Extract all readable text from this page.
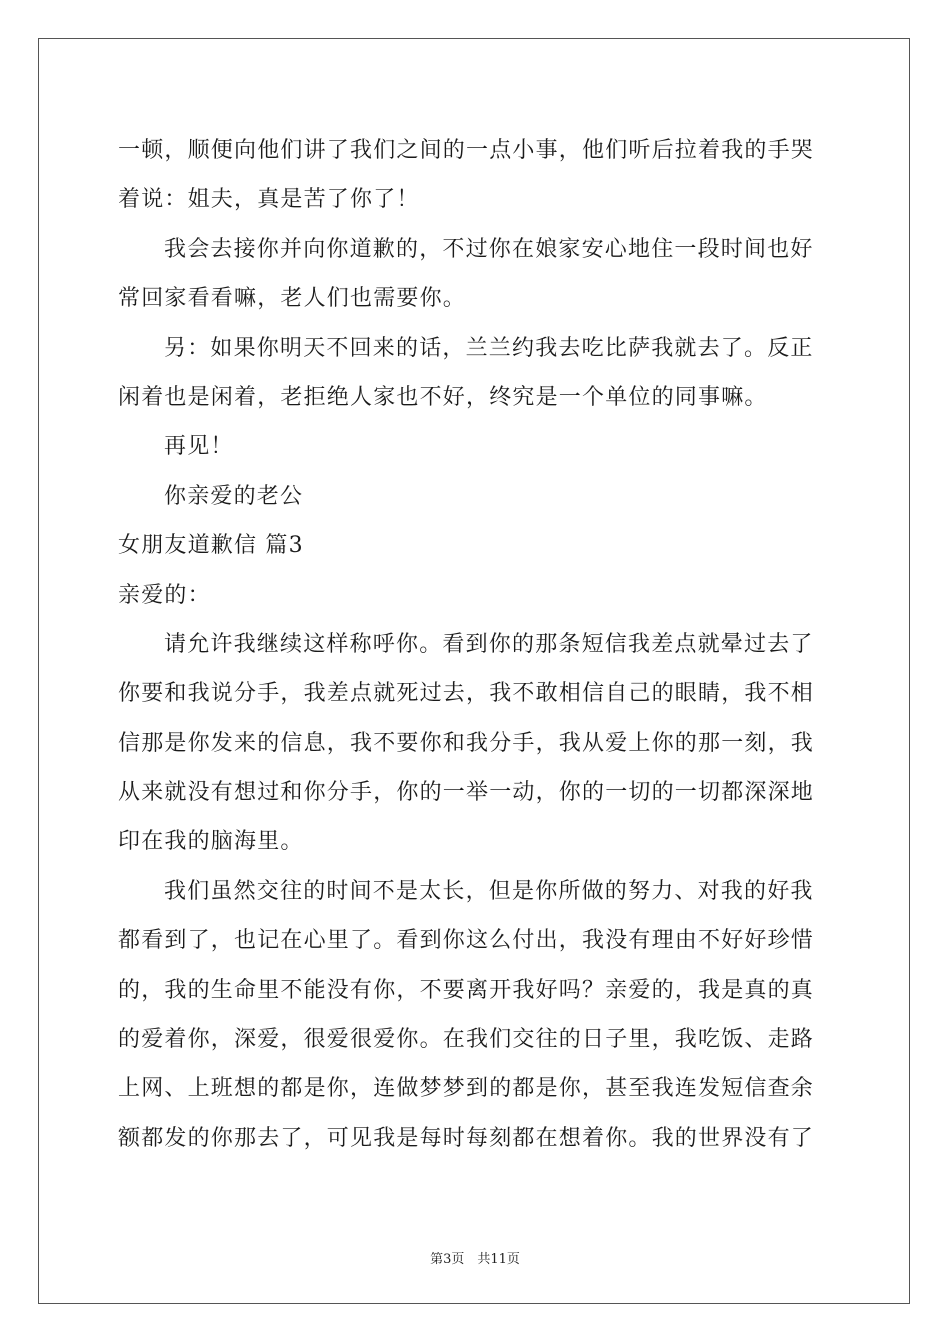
一顿，顺便向他们讲了我们之间的一点小事，他们听后拉着我的手哭
着说：姐夫，真是苦了你了！
我会去接你并向你道歉的，不过你在娘家安心地住一段时间也好
常回家看看嘛，老人们也需要你。
另：如果你明天不回来的话，兰兰约我去吃比萨我就去了。反正
闲着也是闲着，老拒绝人家也不好，终究是一个单位的同事嘛。
再见！
你亲爱的老公
女朋友道歉信 篇3
亲爱的：
请允许我继续这样称呼你。看到你的那条短信我差点就晕过去了
你要和我说分手，我差点就死过去，我不敢相信自己的眼睛，我不相
信那是你发来的信息，我不要你和我分手，我从爱上你的那一刻，我
从来就没有想过和你分手，你的一举一动，你的一切的一切都深深地
印在我的脑海里。
我们虽然交往的时间不是太长，但是你所做的努力、对我的好我
都看到了，也记在心里了。看到你这么付出，我没有理由不好好珍惜
的，我的生命里不能没有你，不要离开我好吗？亲爱的，我是真的真
的爱着你，深爱，很爱很爱你。在我们交往的日子里，我吃饭、走路
上网、上班想的都是你，连做梦梦到的都是你，甚至我连发短信查余
额都发的你那去了，可见我是每时每刻都在想着你。我的世界没有了
第3页　共11页
